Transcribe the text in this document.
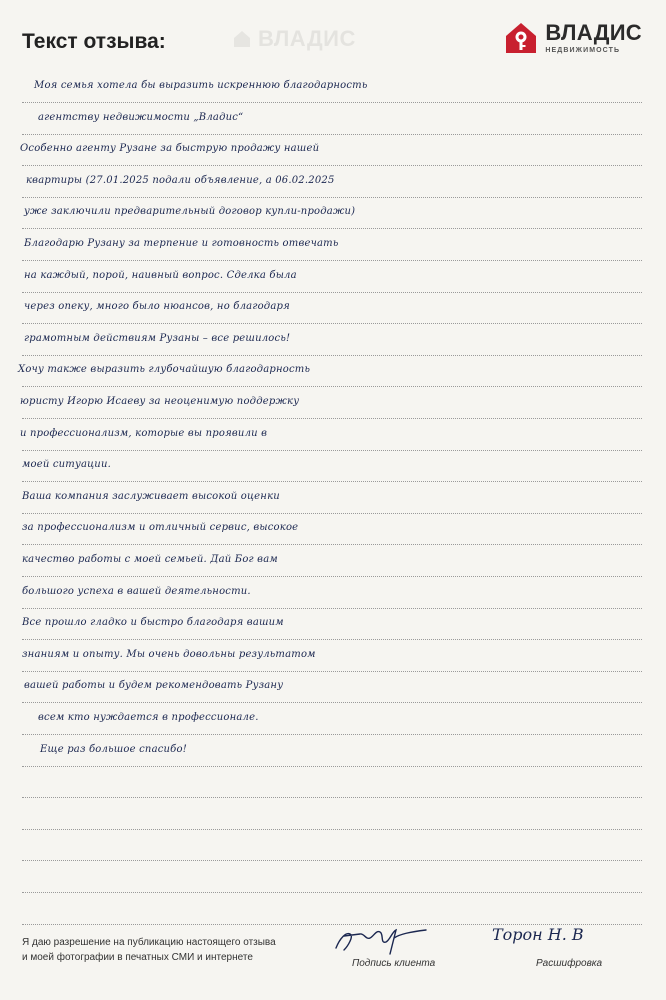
Текст отзыва:	ВЛАДИС	ВЛАДИС
НЕДВИЖИМОСТЬ
Моя семья хотела бы выразить искреннюю благодарность
агентству недвижимости „Владис“
Особенно агенту Рузане за быструю продажу нашей
квартиры (27.01.2025 подали объявление, а 06.02.2025
уже заключили предварительный договор купли-продажи)
Благодарю Рузану за терпение и готовность отвечать
на каждый, порой, наивный вопрос. Сделка была
через опеку, много было нюансов, но благодаря
грамотным действиям Рузаны – все решилось!
Хочу также выразить глубочайшую благодарность
юристу Игорю Исаеву за неоценимую поддержку
и профессионализм, которые вы проявили в
моей ситуации.
Ваша компания заслуживает высокой оценки
за профессионализм и отличный сервис, высокое
качество работы с моей семьей. Дай Бог вам
большого успеха в вашей деятельности.
Все прошло гладко и быстро благодаря вашим
знаниям и опыту. Мы очень довольны результатом
вашей работы и будем рекомендовать Рузану
всем кто нуждается в профессионале.
Еще раз большое спасибо!
Я даю разрешение на публикацию настоящего отзыва
и моей фотографии в печатных СМИ и интернете
Подпись клиента
Торон Н. В
Расшифровка
